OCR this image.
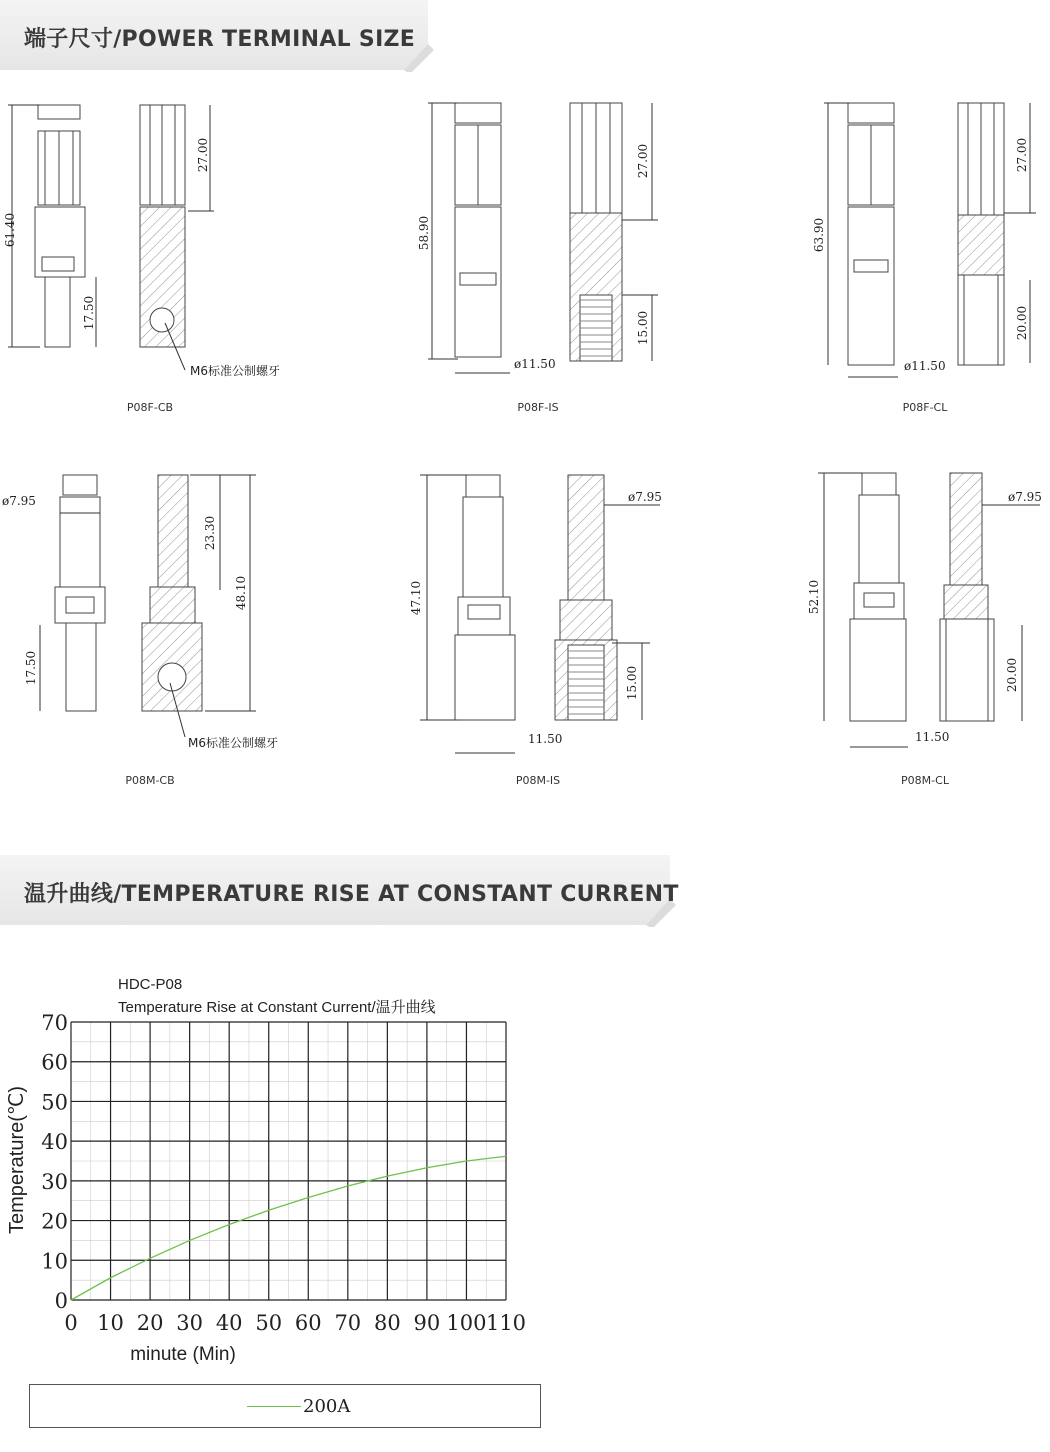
端子尺寸/POWER TERMINAL SIZE
温升曲线/TEMPERATURE RISE AT CONSTANT CURRENT
61.40
27.00
17.50
M6标准公制螺牙
P08F-CB
58.90
27.00
15.00
ø11.50
P08F-IS
63.90
27.00
20.00
ø11.50
P08F-CL
ø7.95
23.30
48.10
17.50
M6标准公制螺牙
P08M-CB
ø7.95
47.10
15.00
11.50
P08M-IS
ø7.95
52.10
20.00
11.50
P08M-CL
0 10 20 30 40 50 60 70 80 90 100 110
0
10
20
30
40
50
60
70
HDC-P08
Temperature Rise at Constant Current/温升曲线
minute (Min)
Temperature(℃)
200A
